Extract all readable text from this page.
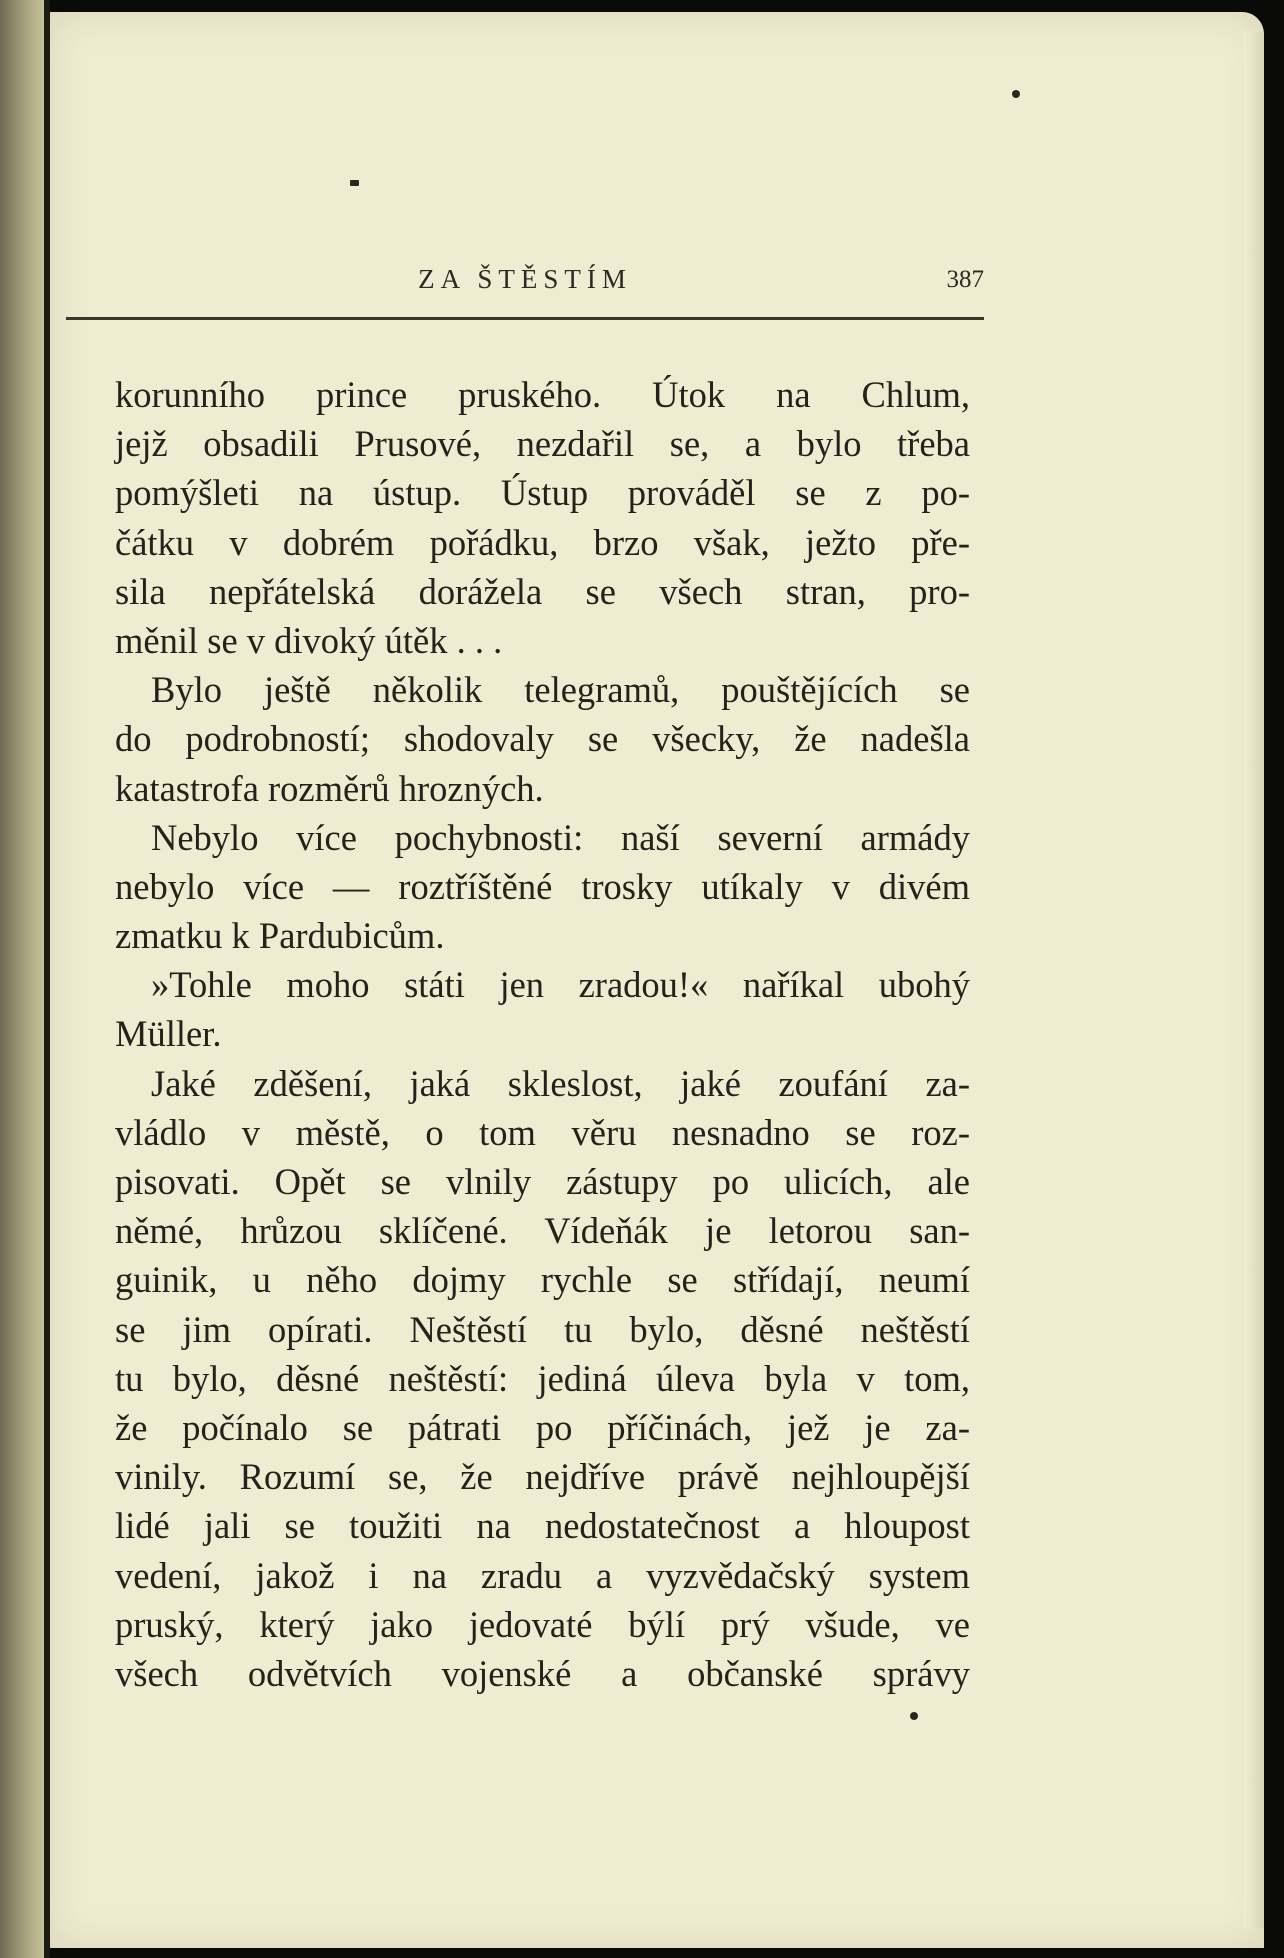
ZA ŠTĚSTÍM	387
korunního prince pruského. Útok na Chlum,
jejž obsadili Prusové, nezdařil se, a bylo třeba
pomýšleti na ústup. Ústup prováděl se z po-
čátku v dobrém pořádku, brzo však, ježto pře-
sila nepřátelská dorážela se všech stran, pro-
měnil se v divoký útěk . . .
Bylo ještě několik telegramů, pouštějících se
do podrobností; shodovaly se všecky, že nadešla
katastrofa rozměrů hrozných.
Nebylo více pochybnosti: naší severní armády
nebylo více — roztříštěné trosky utíkaly v divém
zmatku k Pardubicům.
»Tohle moho státi jen zradou!« naříkal ubohý
Müller.
Jaké zděšení, jaká skleslost, jaké zoufání za-
vládlo v městě, o tom věru nesnadno se roz-
pisovati. Opět se vlnily zástupy po ulicích, ale
němé, hrůzou sklíčené. Vídeňák je letorou san-
guinik, u něho dojmy rychle se střídají, neumí
se jim opírati. Neštěstí tu bylo, děsné neštěstí
tu bylo, děsné neštěstí: jediná úleva byla v tom,
že počínalo se pátrati po příčinách, jež je za-
vinily. Rozumí se, že nejdříve právě nejhloupější
lidé jali se toužiti na nedostatečnost a hloupost
vedení, jakož i na zradu a vyzvědačský system
pruský, který jako jedovaté býlí prý všude, ve
všech odvětvích vojenské a občanské správy
